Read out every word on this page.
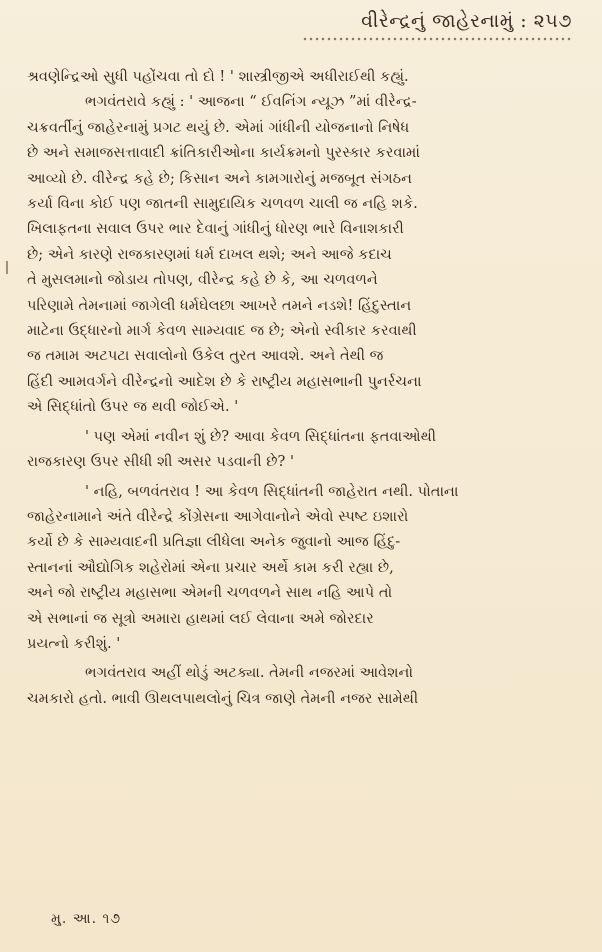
વીરેન્દ્રનું જાહેરનામું : ૨૫૭
શ્રવણેન્દ્રિઓ સુધી પહોંચવા તો દો ! ' શાસ્ત્રીજીએ અધીરાઈથી કહ્યું.
ભગવંતરાવે કહ્યું : ' આજના “ ઈવનિંગ ન્યૂઝ ”માં વીરેન્દ્ર-
ચક્રવર્તીનું જાહેરનામું પ્રગટ થયું છે. એમાં ગાંધીની યોજનાનો નિષેધ
છે અને સમાજસત્તાવાદી ક્રાંતિકારીઓના કાર્યક્રમનો પુરસ્કાર કરવામાં
આવ્યો છે. વીરેન્દ્ર કહે છે; કિસાન અને કામગારોનું મજબૂત સંગઠન
કર્યા વિના કોઈ પણ જાતની સામુદાયિક ચળવળ ચાલી જ નહિ શકે.
ખિલાફતના સવાલ ઉપર ભાર દેવાનું ગાંધીનું ધોરણ ભારે વિનાશકારી
છે; એને કારણે રાજકારણમાં ધર્મ દાખલ થશે; અને આજે કદાચ
તે મુસલમાનો જોડાય તોપણ, વીરેન્દ્ર કહે છે કે, આ ચળવળને
પરિણામે તેમનામાં જાગેલી ધર્મઘેલછા આખરે તમને નડશે! હિંદુસ્તાન
માટેના ઉદ્ધારનો માર્ગ કેવળ સામ્યવાદ જ છે; એનો સ્વીકાર કરવાથી
જ તમામ અટપટા સવાલોનો ઉકેલ તુરત આવશે. અને તેથી જ
હિંદી આમવર્ગને વીરેન્દ્રનો આદેશ છે કે રાષ્ટ્રીય મહાસભાની પુનર્રચના
એ સિદ્ધાંતો ઉપર જ થવી જોઈએ. '
' પણ એમાં નવીન શું છે? આવા કેવળ સિદ્ધાંતના ફતવાઓથી
રાજકારણ ઉપર સીધી શી અસર પડવાની છે? '
' નહિ, બળવંતરાવ ! આ કેવળ સિદ્ધાંતની જાહેરાત નથી. પોતાના
જાહેરનામાને અંતે વીરેન્દ્રે કોંગ્રેસના આગેવાનોને એવો સ્પષ્ટ ઇશારો
કર્યો છે કે સામ્યવાદની પ્રતિજ્ઞા લીધેલા અનેક જુવાનો આજ હિંદુ-
સ્તાનનાં ઔદ્યોગિક શહેરોમાં એના પ્રચાર અર્થે કામ કરી રહ્યા છે,
અને જો રાષ્ટ્રીય મહાસભા એમની ચળવળને સાથ નહિ આપે તો
એ સભાનાં જ સૂત્રો અમારા હાથમાં લઈ લેવાના અમે જોરદાર
પ્રયત્નો કરીશું. '
ભગવંતરાવ અહીં થોડું અટક્યા. તેમની નજરમાં આવેશનો
ચમકારો હતો. ભાવી ઊથલપાથલોનું ચિત્ર જાણે તેમની નજર સામેથી
મુ. આ. ૧૭
